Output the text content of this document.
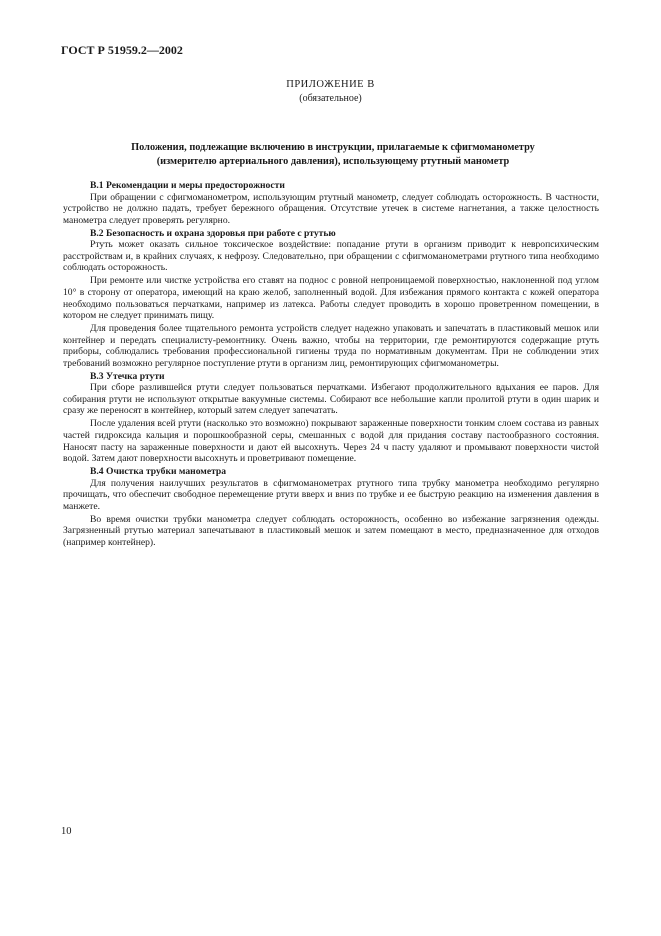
ГОСТ Р 51959.2—2002
ПРИЛОЖЕНИЕ В
(обязательное)
Положения, подлежащие включению в инструкции, прилагаемые к сфигмоманометру
(измерителю артериального давления), использующему ртутный манометр
В.1 Рекомендации и меры предосторожности

При обращении с сфигмоманометром, использующим ртутный манометр, следует соблюдать осторожность. В частности, устройство не должно падать, требует бережного обращения. Отсутствие утечек в системе нагнетания, а также целостность манометра следует проверять регулярно.

В.2 Безопасность и охрана здоровья при работе с ртутью

Ртуть может оказать сильное токсическое воздействие: попадание ртути в организм приводит к невропсихическим расстройствам и, в крайних случаях, к нефрозу. Следовательно, при обращении с сфигмоманометрами ртутного типа необходимо соблюдать осторожность.

При ремонте или чистке устройства его ставят на поднос с ровной непроницаемой поверхностью, наклоненной под углом 10° в сторону от оператора, имеющий на краю желоб, заполненный водой. Для избежания прямого контакта с кожей оператора необходимо пользоваться перчатками, например из латекса. Работы следует проводить в хорошо проветренном помещении, в котором не следует принимать пищу.

Для проведения более тщательного ремонта устройств следует надежно упаковать и запечатать в пластиковый мешок или контейнер и передать специалисту-ремонтнику. Очень важно, чтобы на территории, где ремонтируются содержащие ртуть приборы, соблюдались требования профессиональной гигиены труда по нормативным документам. При не соблюдении этих требований возможно регулярное поступление ртути в организм лиц, ремонтирующих сфигмоманометры.

В.3 Утечка ртути

При сборе разлившейся ртути следует пользоваться перчатками. Избегают продолжительного вдыхания ее паров. Для собирания ртути не используют открытые вакуумные системы. Собирают все небольшие капли пролитой ртути в один шарик и сразу же переносят в контейнер, который затем следует запечатать.

После удаления всей ртути (насколько это возможно) покрывают зараженные поверхности тонким слоем состава из равных частей гидроксида кальция и порошкообразной серы, смешанных с водой для придания составу пастообразного состояния. Наносят пасту на зараженные поверхности и дают ей высохнуть. Через 24 ч пасту удаляют и промывают поверхности чистой водой. Затем дают поверхности высохнуть и проветривают помещение.

В.4 Очистка трубки манометра

Для получения наилучших результатов в сфигмоманометрах ртутного типа трубку манометра необходимо регулярно прочищать, что обеспечит свободное перемещение ртути вверх и вниз по трубке и ее быструю реакцию на изменения давления в манжете.

Во время очистки трубки манометра следует соблюдать осторожность, особенно во избежание загрязнения одежды. Загрязненный ртутью материал запечатывают в пластиковый мешок и затем помещают в место, предназначенное для отходов (например контейнер).

10
